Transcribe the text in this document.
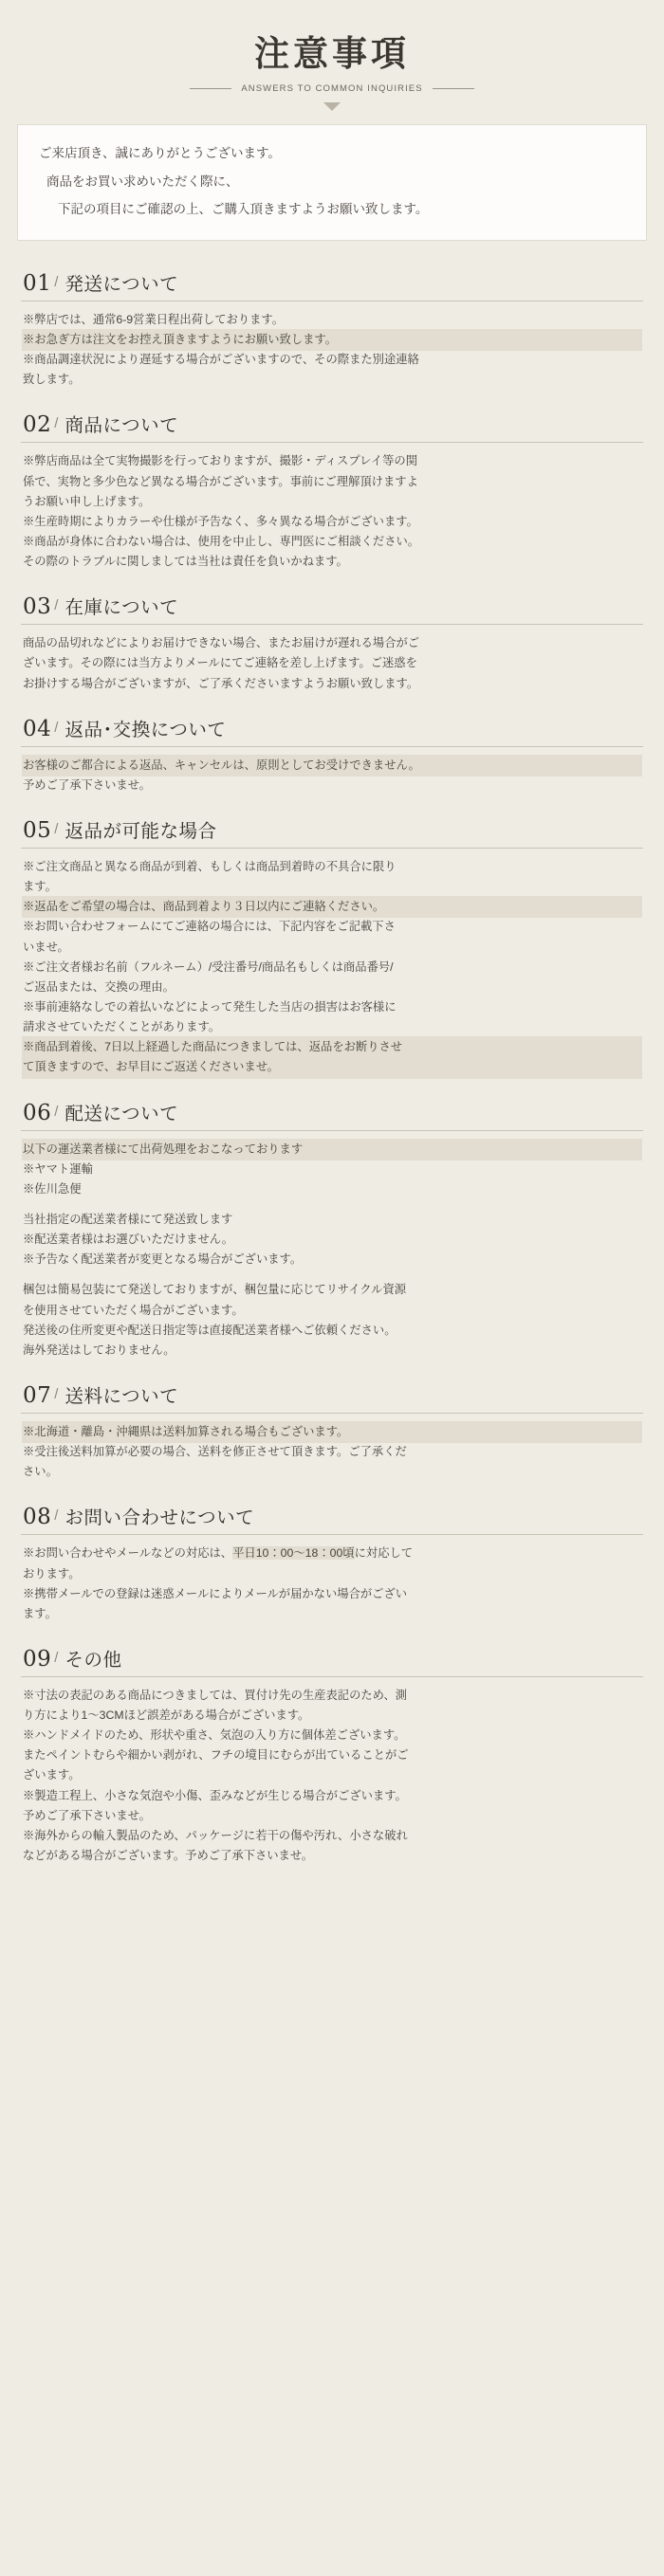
注意事項
ANSWERS TO COMMON INQUIRIES

ご来店頂き、誠にありがとうございます。

商品をお買い求めいただく際に、

下記の項目にご確認の上、ご購入頂きますようお願い致します。

01 / 発送について

※弊店では、通常6-9営業日程出荷しております。

※お急ぎ方は注文をお控え頂きますようにお願い致します。

※商品調達状況により遅延する場合がございますので、その際また別途連絡

致します。

02 / 商品について

※弊店商品は全て実物撮影を行っておりますが、撮影・ディスプレイ等の関

係で、実物と多少色など異なる場合がございます。事前にご理解頂けますよ

うお願い申し上げます。

※生産時期によりカラーや仕様が予告なく、多々異なる場合がございます。

※商品が身体に合わない場合は、使用を中止し、専門医にご相談ください。

その際のトラブルに関しましては当社は責任を負いかねます。

03 / 在庫について

商品の品切れなどによりお届けできない場合、またお届けが遅れる場合がご

ざいます。その際には当方よりメールにてご連絡を差し上げます。ご迷惑を

お掛けする場合がございますが、ご了承くださいますようお願い致します。

04 / 返品･交換について

お客様のご都合による返品、キャンセルは、原則としてお受けできません。

予めご了承下さいませ。

05 / 返品が可能な場合

※ご注文商品と異なる商品が到着、もしくは商品到着時の不具合に限り

ます。

※返品をご希望の場合は、商品到着より３日以内にご連絡ください。

※お問い合わせフォームにてご連絡の場合には、下記内容をご記載下さ

いませ。

※ご注文者様お名前（フルネーム）/受注番号/商品名もしくは商品番号/

ご返品または、交換の理由。

※事前連絡なしでの着払いなどによって発生した当店の損害はお客様に

請求させていただくことがあります。

※商品到着後、7日以上経過した商品につきましては、返品をお断りさせ

て頂きますので、お早目にご返送くださいませ。

06 / 配送について

以下の運送業者様にて出荷処理をおこなっております

※ヤマト運輸

※佐川急便

当社指定の配送業者様にて発送致します

※配送業者様はお選びいただけません。

※予告なく配送業者が変更となる場合がございます。

梱包は簡易包装にて発送しておりますが、梱包量に応じてリサイクル資源

を使用させていただく場合がございます。

発送後の住所変更や配送日指定等は直接配送業者様へご依頼ください。

海外発送はしておりません。

07 / 送料について

※北海道・離島・沖縄県は送料加算される場合もございます。

※受注後送料加算が必要の場合、送料を修正させて頂きます。ご了承くだ

さい。

08 / お問い合わせについて

※お問い合わせやメールなどの対応は、平日10：00～18：00頃に対応して

おります。

※携帯メールでの登録は迷惑メールによりメールが届かない場合がござい

ます。

09 / その他

※寸法の表記のある商品につきましては、買付け先の生産表記のため、測

り方により1～3CMほど誤差がある場合がございます。

※ハンドメイドのため、形状や重さ、気泡の入り方に個体差ございます。

またペイントむらや細かい剥がれ、フチの境目にむらが出ていることがご

ざいます。

※製造工程上、小さな気泡や小傷、歪みなどが生じる場合がございます。

予めご了承下さいませ。

※海外からの輸入製品のため、パッケージに若干の傷や汚れ、小さな破れ

などがある場合がございます。予めご了承下さいませ。
